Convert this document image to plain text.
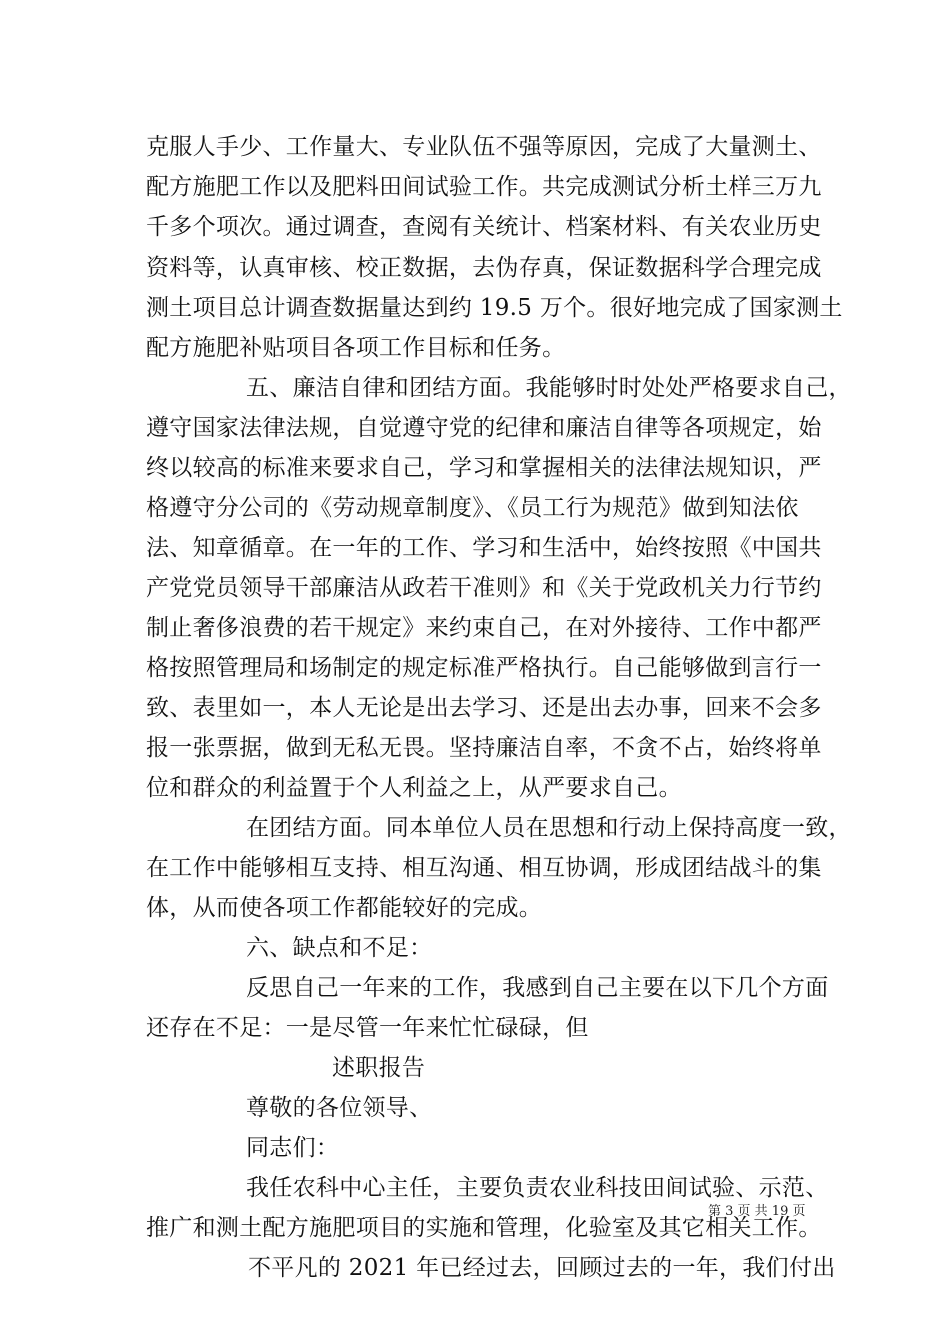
克服人手少、工作量大、专业队伍不强等原因，完成了大量测土、
配方施肥工作以及肥料田间试验工作。共完成测试分析土样三万九
千多个项次。通过调查，查阅有关统计、档案材料、有关农业历史
资料等，认真审核、校正数据，去伪存真，保证数据科学合理完成
测土项目总计调查数据量达到约 19.5 万个。很好地完成了国家测土
配方施肥补贴项目各项工作目标和任务。
五、廉洁自律和团结方面。我能够时时处处严格要求自己，
遵守国家法律法规，自觉遵守党的纪律和廉洁自律等各项规定，始
终以较高的标准来要求自己，学习和掌握相关的法律法规知识，严
格遵守分公司的《劳动规章制度》、《员工行为规范》做到知法依
法、知章循章。在一年的工作、学习和生活中，始终按照《中国共
产党党员领导干部廉洁从政若干准则》和《关于党政机关力行节约
制止奢侈浪费的若干规定》来约束自己，在对外接待、工作中都严
格按照管理局和场制定的规定标准严格执行。自己能够做到言行一
致、表里如一，本人无论是出去学习、还是出去办事，回来不会多
报一张票据，做到无私无畏。坚持廉洁自率，不贪不占，始终将单
位和群众的利益置于个人利益之上，从严要求自己。
在团结方面。同本单位人员在思想和行动上保持高度一致，
在工作中能够相互支持、相互沟通、相互协调，形成团结战斗的集
体，从而使各项工作都能较好的完成。
六、缺点和不足：
反思自己一年来的工作，我感到自己主要在以下几个方面
还存在不足：一是尽管一年来忙忙碌碌，但
述职报告
尊敬的各位领导、
同志们：
我任农科中心主任，主要负责农业科技田间试验、示范、
推广和测土配方施肥项目的实施和管理，化验室及其它相关工作。
不平凡的 2021 年已经过去，回顾过去的一年，我们付出
第 3 页 共 19 页
